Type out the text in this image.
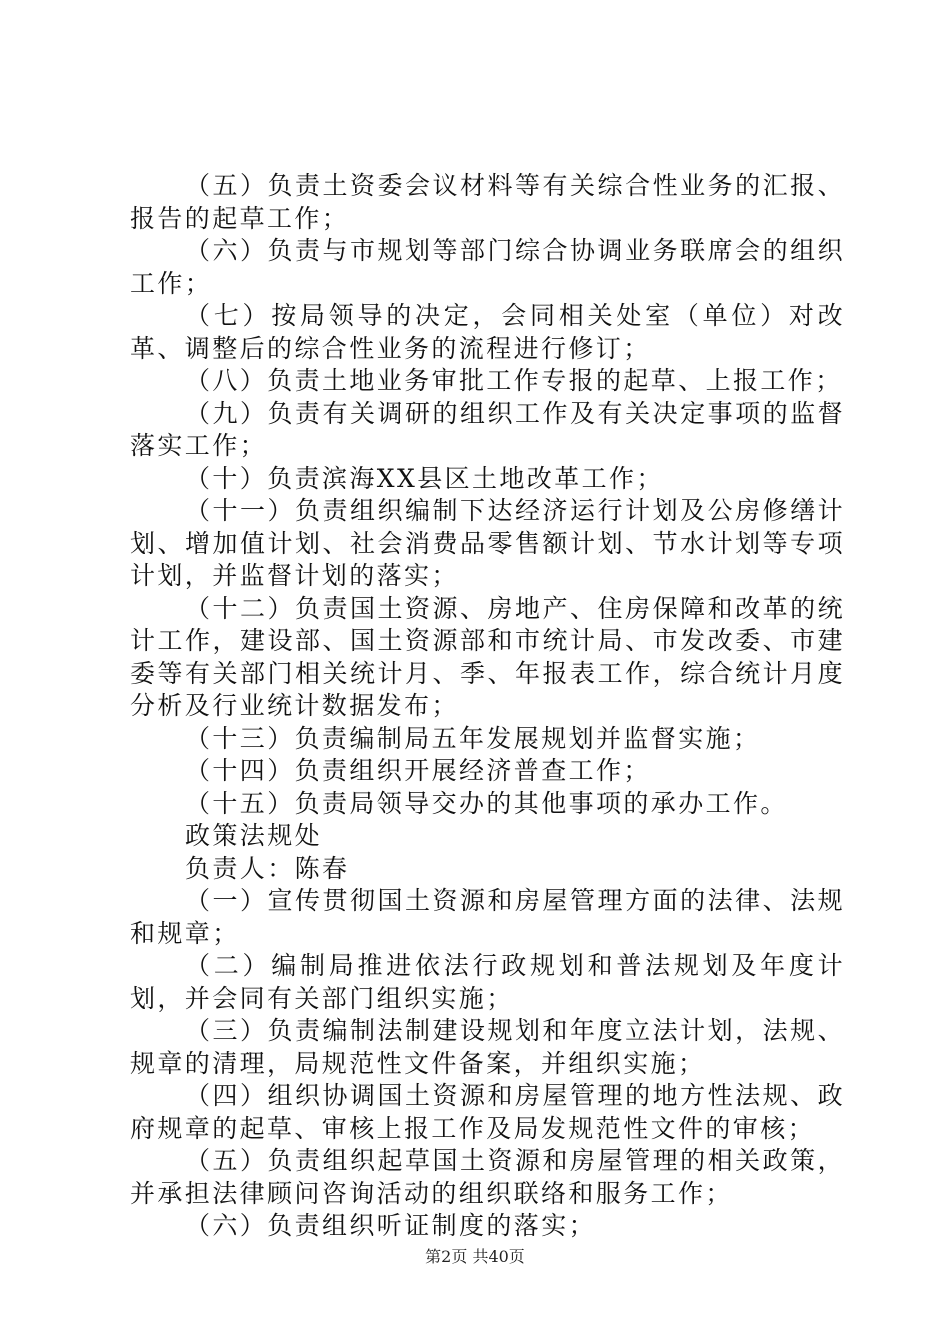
（五）负责土资委会议材料等有关综合性业务的汇报、报告的起草工作；

（六）负责与市规划等部门综合协调业务联席会的组织工作；

（七）按局领导的决定，会同相关处室（单位）对改革、调整后的综合性业务的流程进行修订；

（八）负责土地业务审批工作专报的起草、上报工作；

（九）负责有关调研的组织工作及有关决定事项的监督落实工作；

（十）负责滨海XX县区土地改革工作；

（十一）负责组织编制下达经济运行计划及公房修缮计划、增加值计划、社会消费品零售额计划、节水计划等专项计划，并监督计划的落实；

（十二）负责国土资源、房地产、住房保障和改革的统计工作，建设部、国土资源部和市统计局、市发改委、市建委等有关部门相关统计月、季、年报表工作，综合统计月度分析及行业统计数据发布；

（十三）负责编制局五年发展规划并监督实施；

（十四）负责组织开展经济普查工作；

（十五）负责局领导交办的其他事项的承办工作。

政策法规处

负责人：陈春

（一）宣传贯彻国土资源和房屋管理方面的法律、法规和规章；

（二）编制局推进依法行政规划和普法规划及年度计划，并会同有关部门组织实施；

（三）负责编制法制建设规划和年度立法计划，法规、规章的清理，局规范性文件备案，并组织实施；

（四）组织协调国土资源和房屋管理的地方性法规、政府规章的起草、审核上报工作及局发规范性文件的审核；

（五）负责组织起草国土资源和房屋管理的相关政策，并承担法律顾问咨询活动的组织联络和服务工作；

（六）负责组织听证制度的落实；

第2页 共40页
